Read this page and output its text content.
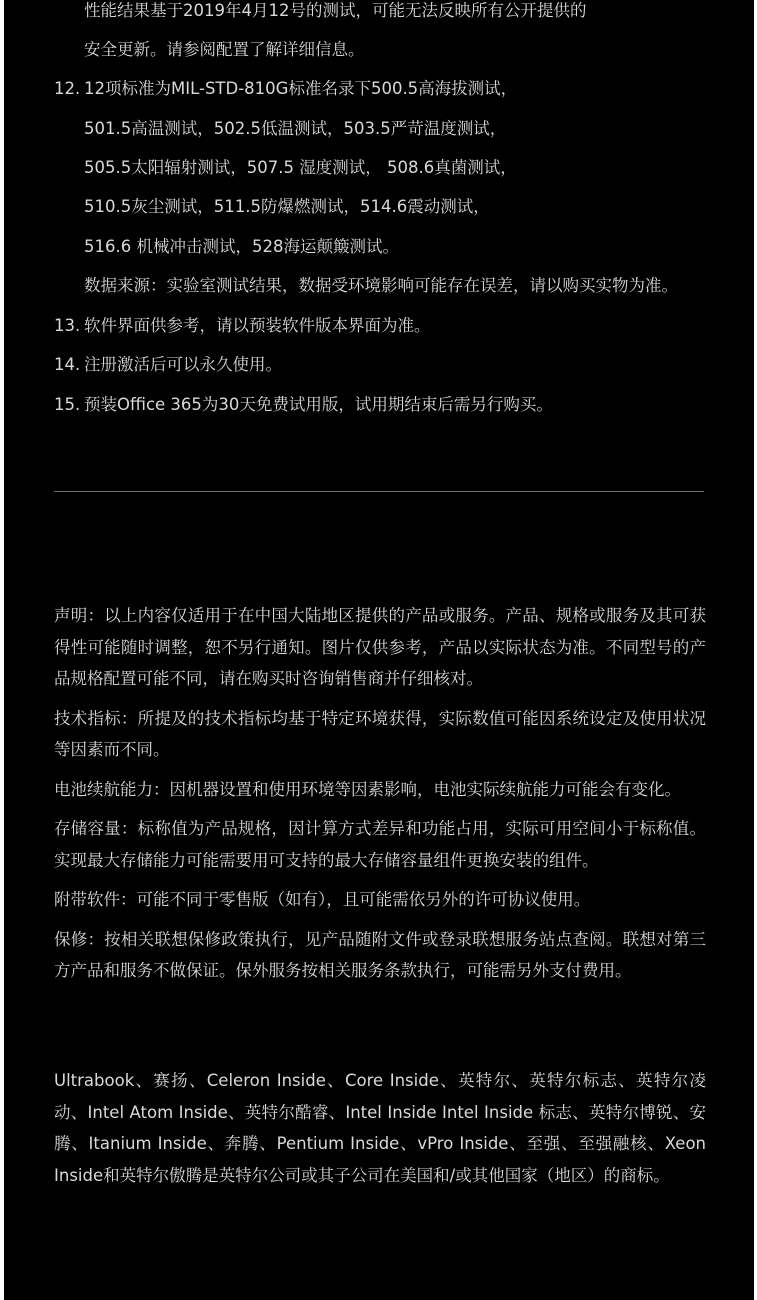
性能结果基于2019年4月12号的测试，可能无法反映所有公开提供的
安全更新。请参阅配置了解详细信息。
12. 12项标准为MIL-STD-810G标准名录下500.5高海拔测试，
501.5高温测试，502.5低温测试，503.5严苛温度测试，
505.5太阳辐射测试，507.5 湿度测试， 508.6真菌测试，
510.5灰尘测试，511.5防爆燃测试，514.6震动测试，
516.6 机械冲击测试，528海运颠簸测试。
数据来源：实验室测试结果，数据受环境影响可能存在误差，请以购买实物为准。
13. 软件界面供参考，请以预装软件版本界面为准。
14. 注册激活后可以永久使用。
15. 预装Office 365为30天免费试用版，试用期结束后需另行购买。

声明：以上内容仅适用于在中国大陆地区提供的产品或服务。产品、规格或服务及其可获得性可能随时调整，恕不另行通知。图片仅供参考，产品以实际状态为准。不同型号的产品规格配置可能不同，请在购买时咨询销售商并仔细核对。

技术指标：所提及的技术指标均基于特定环境获得，实际数值可能因系统设定及使用状况等因素而不同。

电池续航能力：因机器设置和使用环境等因素影响，电池实际续航能力可能会有变化。

存储容量：标称值为产品规格，因计算方式差异和功能占用，实际可用空间小于标称值。实现最大存储能力可能需要用可支持的最大存储容量组件更换安装的组件。

附带软件：可能不同于零售版（如有），且可能需依另外的许可协议使用。

保修：按相关联想保修政策执行，见产品随附文件或登录联想服务站点查阅。联想对第三方产品和服务不做保证。保外服务按相关服务条款执行，可能需另外支付费用。

Ultrabook、赛扬、Celeron Inside、Core Inside、英特尔、英特尔标志、英特尔凌动、Intel Atom Inside、英特尔酷睿、Intel Inside Intel Inside 标志、英特尔博锐、安腾、Itanium Inside、奔腾、Pentium Inside、vPro Inside、至强、至强融核、Xeon Inside和英特尔傲腾是英特尔公司或其子公司在美国和/或其他国家（地区）的商标。
